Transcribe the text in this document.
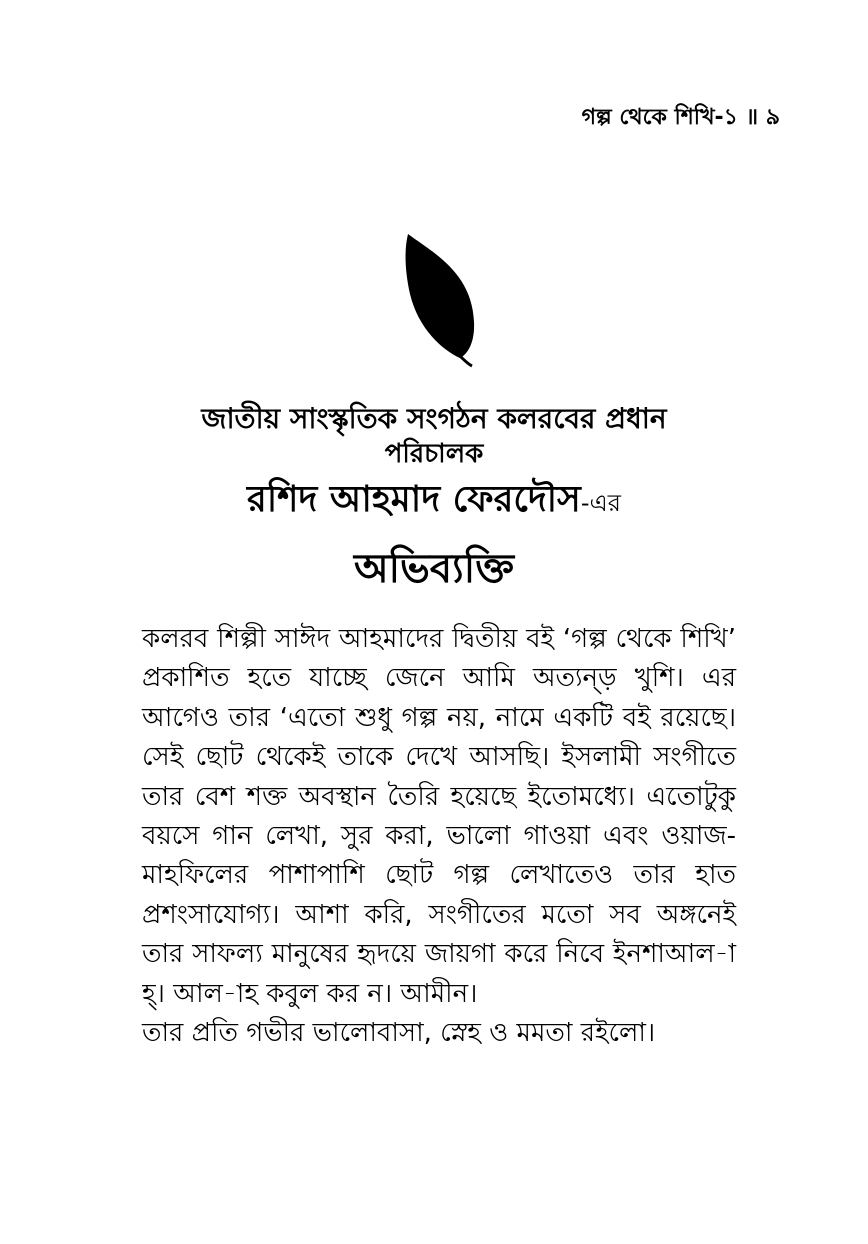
গল্প থেকে শিখি-১ ॥ ৯
জাতীয় সাংস্কৃতিক সংগঠন কলরবের প্রধান
পরিচালক
রশিদ আহমাদ ফেরদৌস-এর
অভিব্যক্তি

কলরব শিল্পী সাঈদ আহমাদের দ্বিতীয় বই ‘গল্প থেকে শিখি’ প্রকাশিত হতে যাচ্ছে জেনে আমি অত্যন্ড় খুশি। এর আগেও তার ‘এতো শুধু গল্প নয়, নামে একটি বই রয়েছে। সেই ছোট থেকেই তাকে দেখে আসছি। ইসলামী সংগীতে তার বেশ শক্ত অবস্থান তৈরি হয়েছে ইতোমধ্যে। এতোটুকু বয়সে গান লেখা, সুর করা, ভালো গাওয়া এবং ওয়াজ-মাহফিলের পাশাপাশি ছোট গল্প লেখাতেও তার হাত প্রশংসাযোগ্য। আশা করি, সংগীতের মতো সব অঙ্গনেই তার সাফল্য মানুষের হৃদয়ে জায়গা করে নিবে ইনশাআল-াহ্। আল-াহ কবুল কর ন। আমীন।

তার প্রতি গভীর ভালোবাসা, স্নেহ ও মমতা রইলো।
